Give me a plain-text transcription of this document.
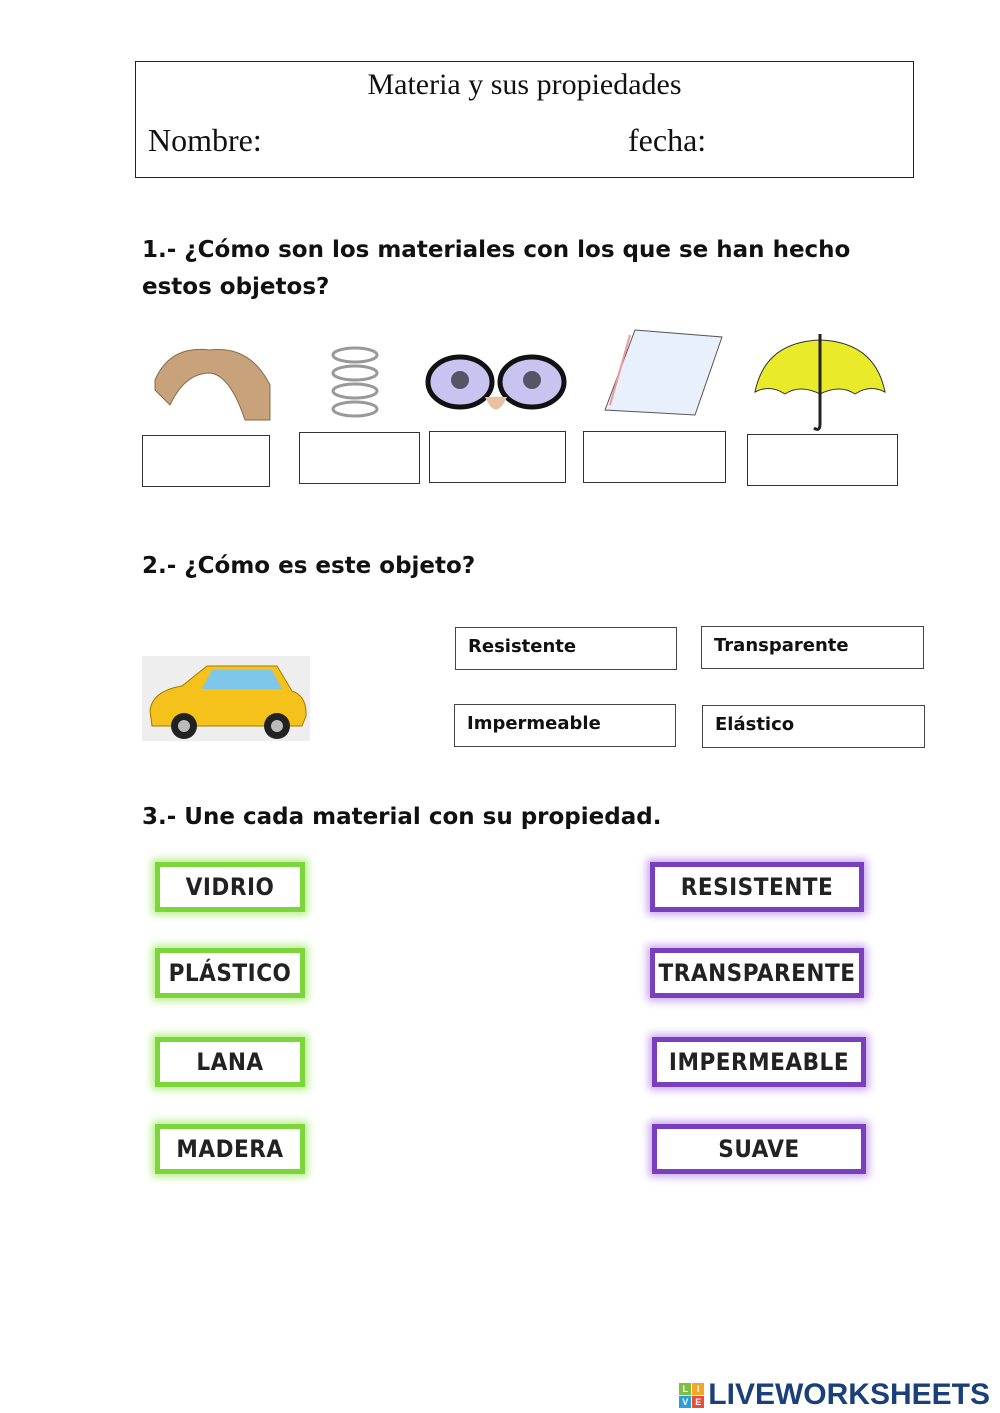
Materia y sus propiedades
Nombre:	fecha:
1.- ¿Cómo son los materiales con los que se han hecho estos objetos?
2.- ¿Cómo es este objeto?
Resistente	Transparente
Impermeable	Elástico
3.- Une cada material con su propiedad.
VIDRIO
PLÁSTICO
LANA
MADERA
RESISTENTE
TRANSPARENTE
IMPERMEABLE
SUAVE
L I
V E LIVEWORKSHEETS
